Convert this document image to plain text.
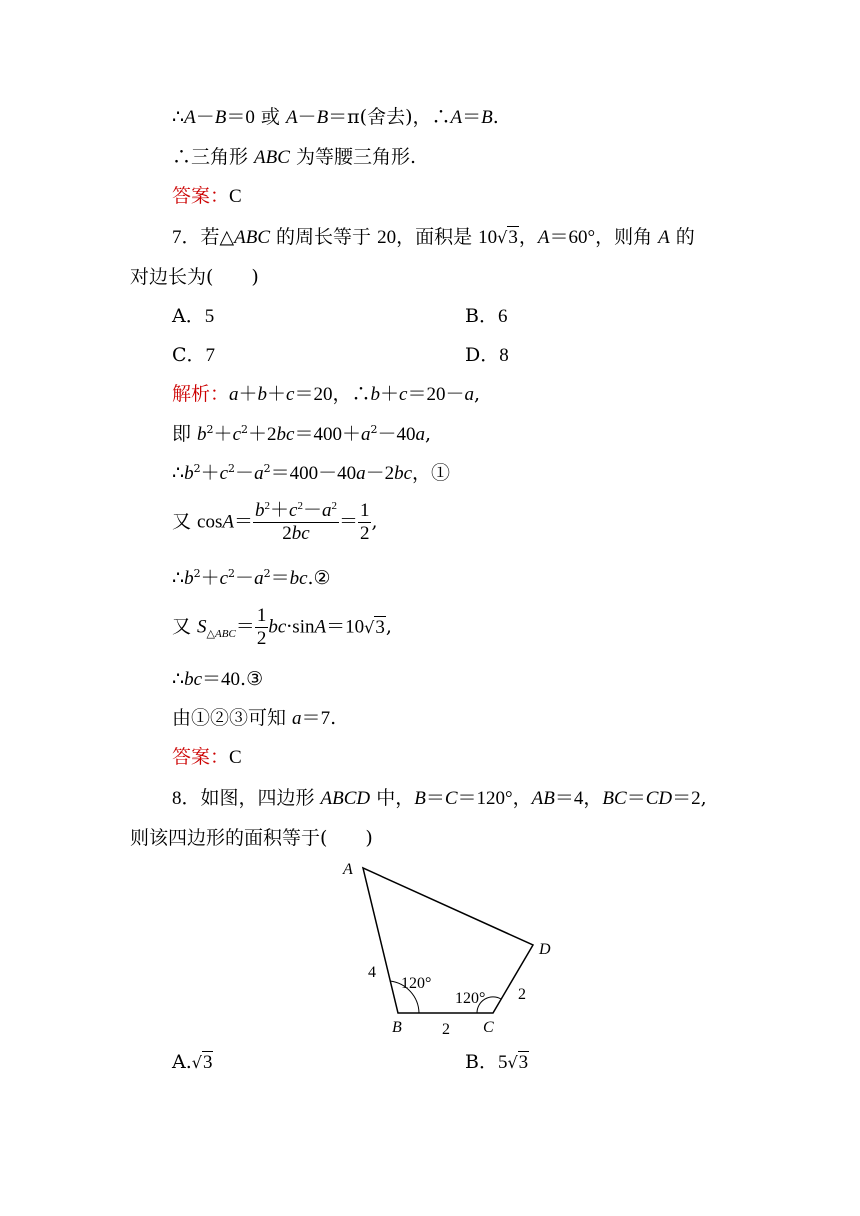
∴A－B＝0 或 A－B＝π(舍去)，∴A＝B.
∴三角形 ABC 为等腰三角形.
答案：C
7．若△ABC 的周长等于 20，面积是 10√3，A＝60°，则角 A 的
对边长为(　　)
A．5	B．6
C．7	D．8
解析：a＋b＋c＝20，∴b＋c＝20－a,
即 $b^2+c^2+2bc=400+a^2-40a$,
$\therefore b^2+c^2-a^2=400-40a-2bc$，①
又 $\cos A= \frac{b^2+c^2-a^2}{2bc} = \frac{1}{2}$ ,
$\therefore b^2+c^2-a^2=bc.②$
又 $S_{\triangle ABC}= \frac{1}{2} bc\cdot\sin A=10√3$,
∴bc＝40.③
由①②③可知 a＝7.
答案：C
8．如图，四边形 ABCD 中，B＝C＝120°，AB＝4，BC＝CD＝2,
则该四边形的面积等于(　　)
A
B	C
D
4
2
2
120°
120°
A.√3	B．5√3
